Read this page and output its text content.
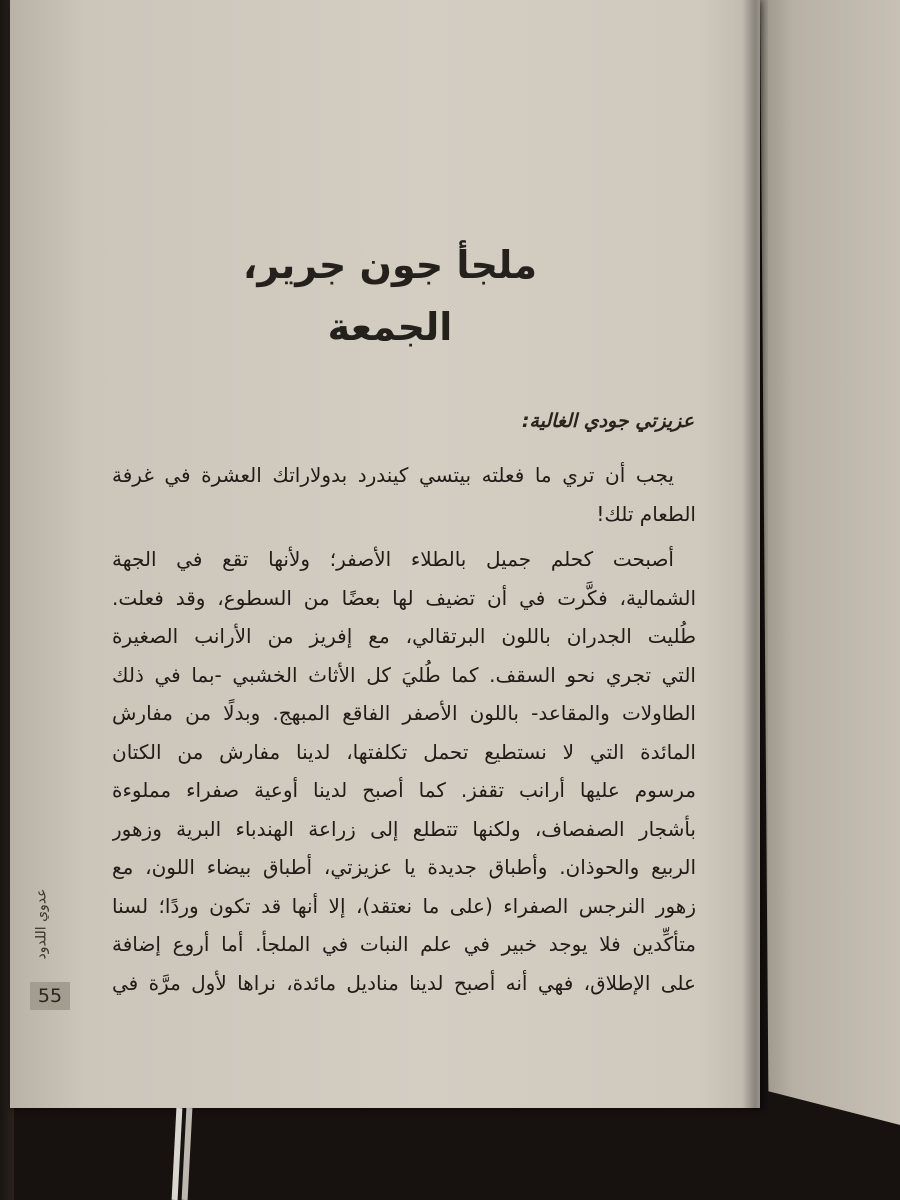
ملجأ جون جرير،
الجمعة
عزيزتي جودي الغالية:
يجب أن تري ما فعلته بيتسي كيندرد بدولاراتك العشرة في غرفة
الطعام تلك!
أصبحت كحلم جميل بالطلاء الأصفر؛ ولأنها تقع في الجهة
الشمالية، فكَّرت في أن تضيف لها بعضًا من السطوع، وقد فعلت.
طُليت الجدران باللون البرتقالي، مع إفريز من الأرانب الصغيرة
التي تجري نحو السقف. كما طُليَ كل الأثاث الخشبي -بما في ذلك
الطاولات والمقاعد- باللون الأصفر الفاقع المبهج. وبدلًا من مفارش
المائدة التي لا نستطيع تحمل تكلفتها، لدينا مفارش من الكتان
مرسوم عليها أرانب تقفز. كما أصبح لدينا أوعية صفراء مملوءة
بأشجار الصفصاف، ولكنها تتطلع إلى زراعة الهندباء البرية وزهور
الربيع والحوذان. وأطباق جديدة يا عزيزتي، أطباق بيضاء اللون، مع
زهور النرجس الصفراء (على ما نعتقد)، إلا أنها قد تكون وردًا؛ لسنا
متأكِّدين فلا يوجد خبير في علم النبات في الملجأ. أما أروع إضافة
على الإطلاق، فهي أنه أصبح لدينا مناديل مائدة، نراها لأول مرَّة في
عدوي اللدود
55
